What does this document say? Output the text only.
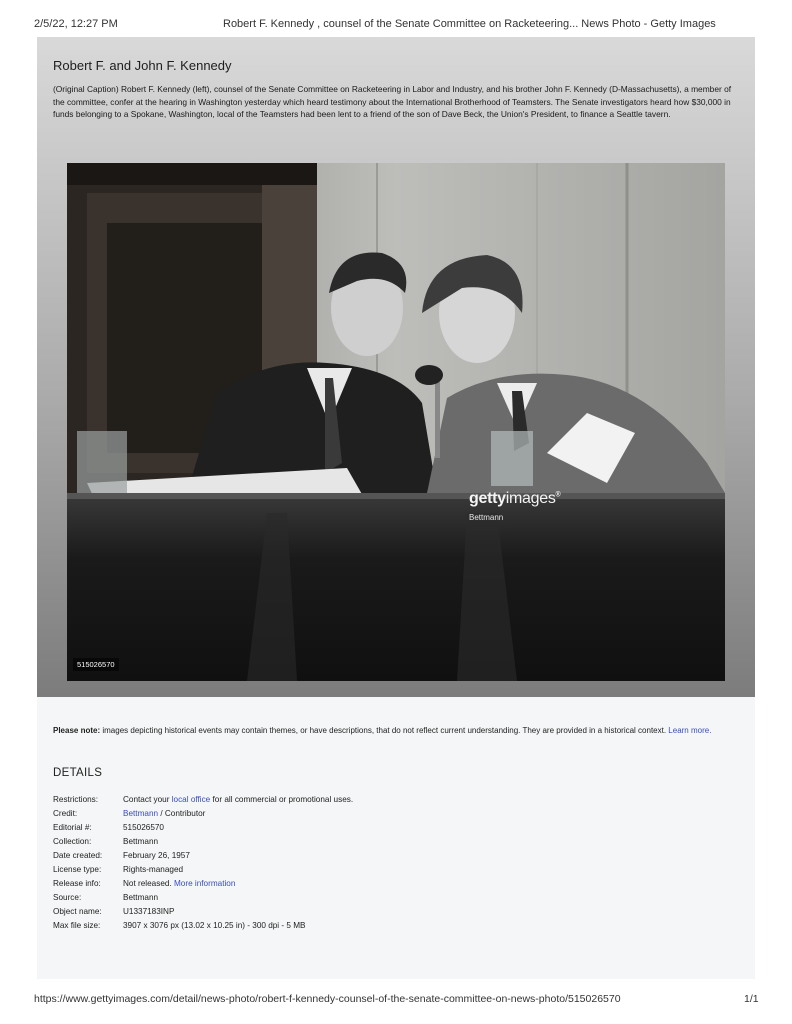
2/5/22, 12:27 PM	Robert F. Kennedy , counsel of the Senate Committee on Racketeering... News Photo - Getty Images
Robert F. and John F. Kennedy
(Original Caption) Robert F. Kennedy (left), counsel of the Senate Committee on Racketeering in Labor and Industry, and his brother John F. Kennedy (D-Massachusetts), a member of the committee, confer at the hearing in Washington yesterday which heard testimony about the International Brotherhood of Teamsters. The Senate investigators heard how $30,000 in funds belonging to a Spokane, Washington, local of the Teamsters had been lent to a friend of the son of Dave Beck, the Union's President, to finance a Seattle tavern.
gettyimages®
Bettmann
515026570
Please note: images depicting historical events may contain themes, or have descriptions, that do not reflect current understanding. They are provided in a historical context. Learn more.
DETAILS
Restrictions:	Contact your local office for all commercial or promotional uses.
Credit:	Bettmann / Contributor
Editorial #:	515026570
Collection:	Bettmann
Date created:	February 26, 1957
License type:	Rights-managed
Release info:	Not released. More information
Source:	Bettmann
Object name:	U1337183INP
Max file size:	3907 x 3076 px (13.02 x 10.25 in) - 300 dpi - 5 MB
https://www.gettyimages.com/detail/news-photo/robert-f-kennedy-counsel-of-the-senate-committee-on-news-photo/515026570	1/1
